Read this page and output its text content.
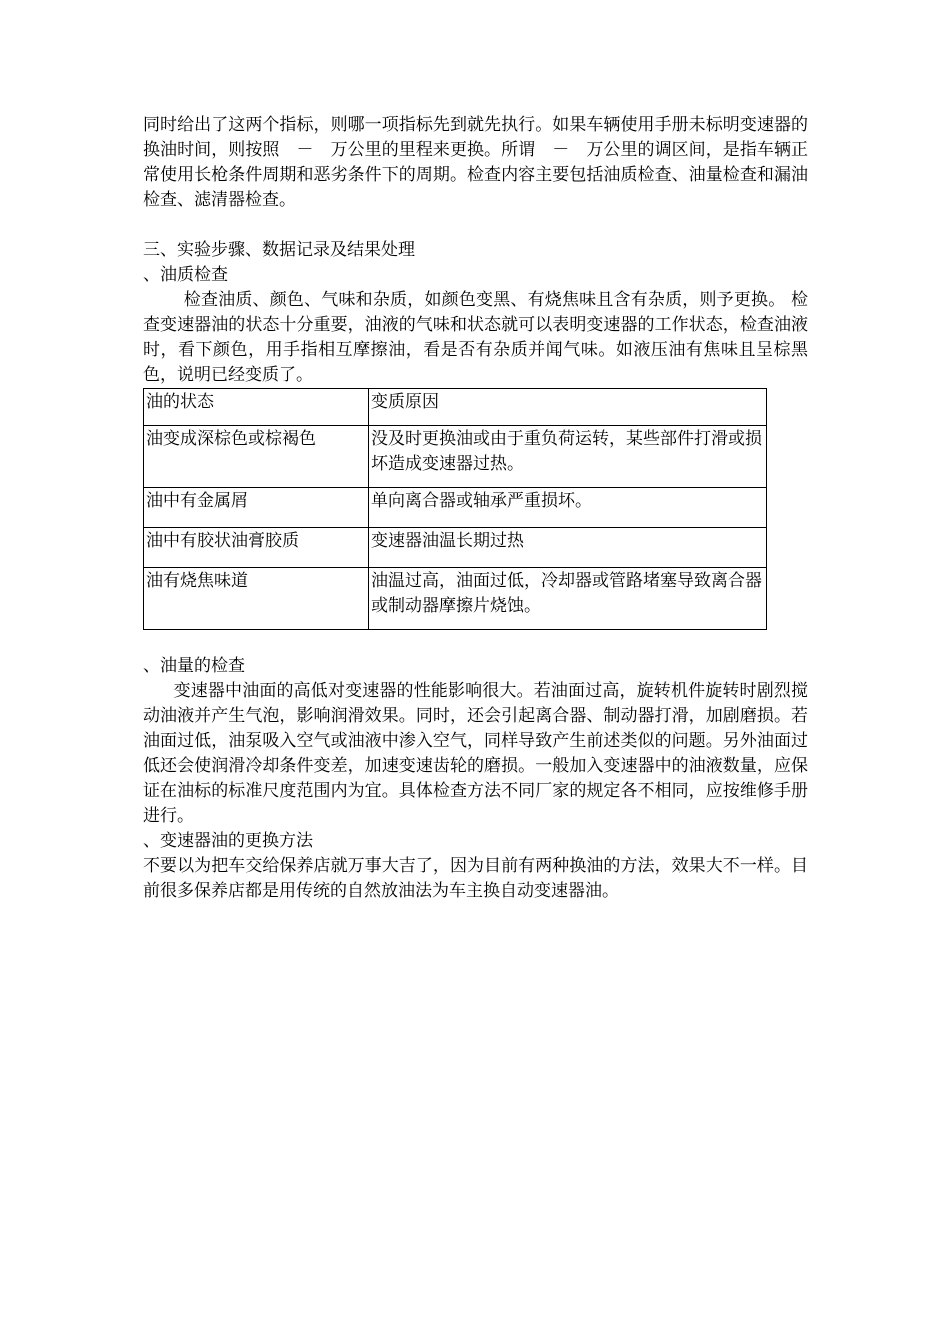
同时给出了这两个指标，则哪一项指标先到就先执行。如果车辆使用手册未标明变速器的换油时间，则按照　－　万公里的里程来更换。所谓　－　万公里的调区间，是指车辆正常使用长枪条件周期和恶劣条件下的周期。检查内容主要包括油质检查、油量检查和漏油检查、滤清器检查。

三、实验步骤、数据记录及结果处理

、油质检查

检查油质、颜色、气味和杂质，如颜色变黑、有烧焦味且含有杂质，则予更换。 检查变速器油的状态十分重要，油液的气味和状态就可以表明变速器的工作状态，检查油液时，看下颜色，用手指相互摩擦油，看是否有杂质并闻气味。如液压油有焦味且呈棕黑色，说明已经变质了。

油的状态	变质原因
油变成深棕色或棕褐色	没及时更换油或由于重负荷运转，某些部件打滑或损坏造成变速器过热。
油中有金属屑	单向离合器或轴承严重损坏。
油中有胶状油膏胶质	变速器油温长期过热
油有烧焦味道	油温过高，油面过低，冷却器或管路堵塞导致离合器或制动器摩擦片烧蚀。

、油量的检查

变速器中油面的高低对变速器的性能影响很大。若油面过高，旋转机件旋转时剧烈搅动油液并产生气泡，影响润滑效果。同时，还会引起离合器、制动器打滑，加剧磨损。若油面过低，油泵吸入空气或油液中渗入空气，同样导致产生前述类似的问题。另外油面过低还会使润滑冷却条件变差，加速变速齿轮的磨损。一般加入变速器中的油液数量，应保证在油标的标准尺度范围内为宜。具体检查方法不同厂家的规定各不相同，应按维修手册进行。

、变速器油的更换方法

不要以为把车交给保养店就万事大吉了，因为目前有两种换油的方法，效果大不一样。目前很多保养店都是用传统的自然放油法为车主换自动变速器油。
